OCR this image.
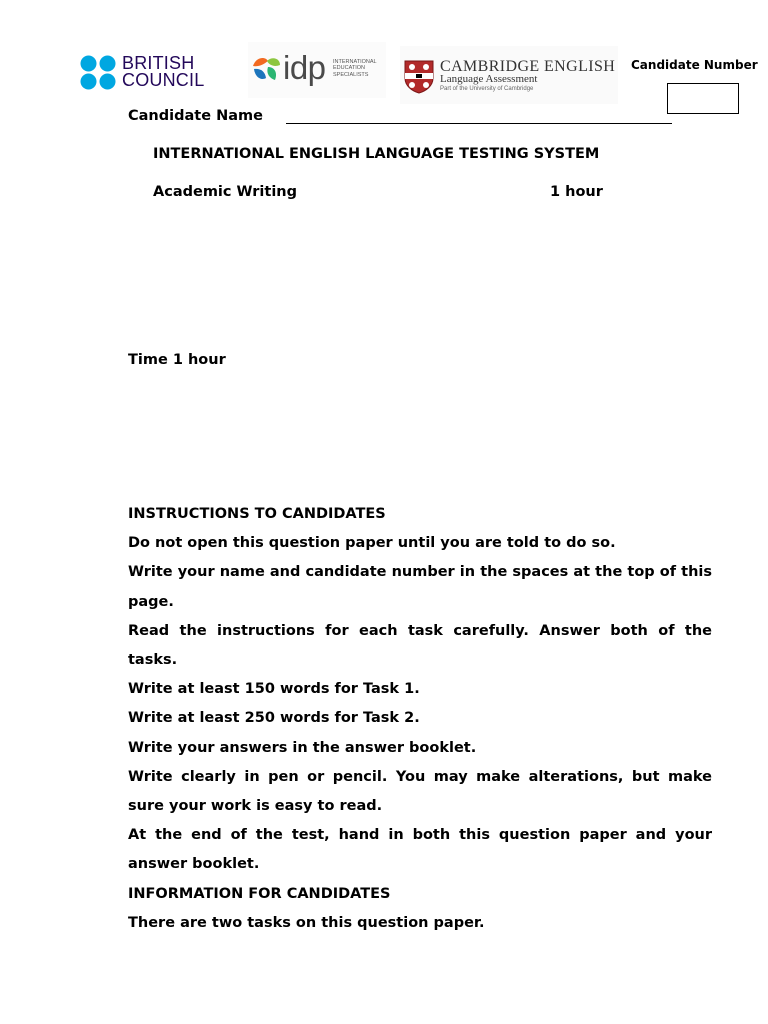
BRITISH
COUNCIL idp INTERNATIONAL
EDUCATION
SPECIALISTS	CAMBRIDGE ENGLISH
Language Assessment
Part of the University of Cambridge
Candidate Number
Candidate Name
INTERNATIONAL ENGLISH LANGUAGE TESTING SYSTEM
Academic Writing	1 hour
Time 1 hour

INSTRUCTIONS TO CANDIDATES

Do not open this question paper until you are told to do so.

Write your name and candidate number in the spaces at the top of this page.

Read the instructions for each task carefully. Answer both of the tasks.

Write at least 150 words for Task 1.

Write at least 250 words for Task 2.

Write your answers in the answer booklet.

Write clearly in pen or pencil. You may make alterations, but make sure your work is easy to read.

At the end of the test, hand in both this question paper and your answer booklet.

INFORMATION FOR CANDIDATES

There are two tasks on this question paper.
